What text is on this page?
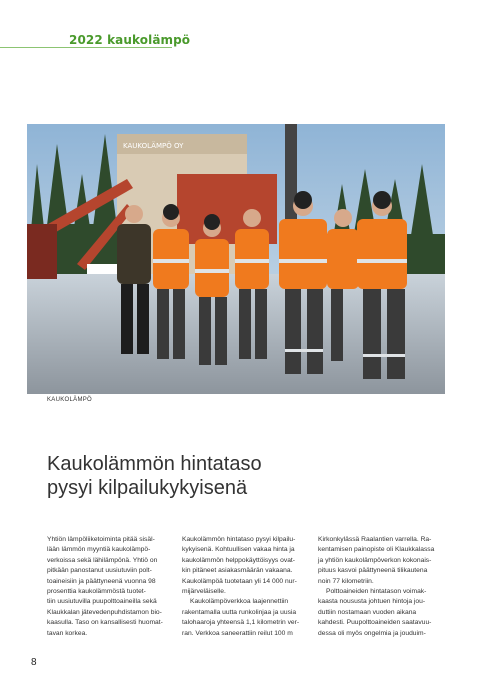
2022 kaukolämpö
KAUKOLÄMPÖ OY
KAUKOLÄMPÖ
Kaukolämmön hintataso
pysyi kilpailukykyisenä

Yhtiön lämpöliiketoiminta pitää sisäl-

lään lämmön myyntiä kaukolämpö-

verkoissa sekä lähilämpönä. Yhtiö on

pitkään panostanut uusiutuviin polt-

toaineisiin ja päättyneenä vuonna 98

prosenttia kaukolämmöstä tuotet-

tiin uusiutuvilla puupolttoaineilla sekä

Klaukkalan jätevedenpuhdistamon bio-

kaasulla. Taso on kansallisesti huomat-

tavan korkea.

Kaukolämmön hintataso pysyi kilpailu-

kykyisenä. Kohtuullisen vakaa hinta ja

kaukolämmön helppokäyttöisyys ovat-

kin pitäneet asiakasmäärän vakaana.

Kaukolämpöä tuotetaan yli 14 000 nur-

mijärveläiselle.

Kaukolämpöverkkoa laajennettiin

rakentamalla uutta runkolinjaa ja uusia

talohaaroja yhteensä 1,1 kilometrin ver-

ran. Verkkoa saneerattiin reilut 100 m

Kirkonkylässä Raalantien varrella. Ra-

kentamisen painopiste oli Klaukkalassa

ja yhtiön kaukolämpöverkon kokonais-

pituus kasvoi päättyneenä tilikautena

noin 77 kilometriin.

Polttoaineiden hintatason voimak-

kaasta noususta johtuen hintoja jou-

duttiin nostamaan vuoden aikana

kahdesti. Puupolttoaineiden saatavuu-

dessa oli myös ongelmia ja jouduim-

8
